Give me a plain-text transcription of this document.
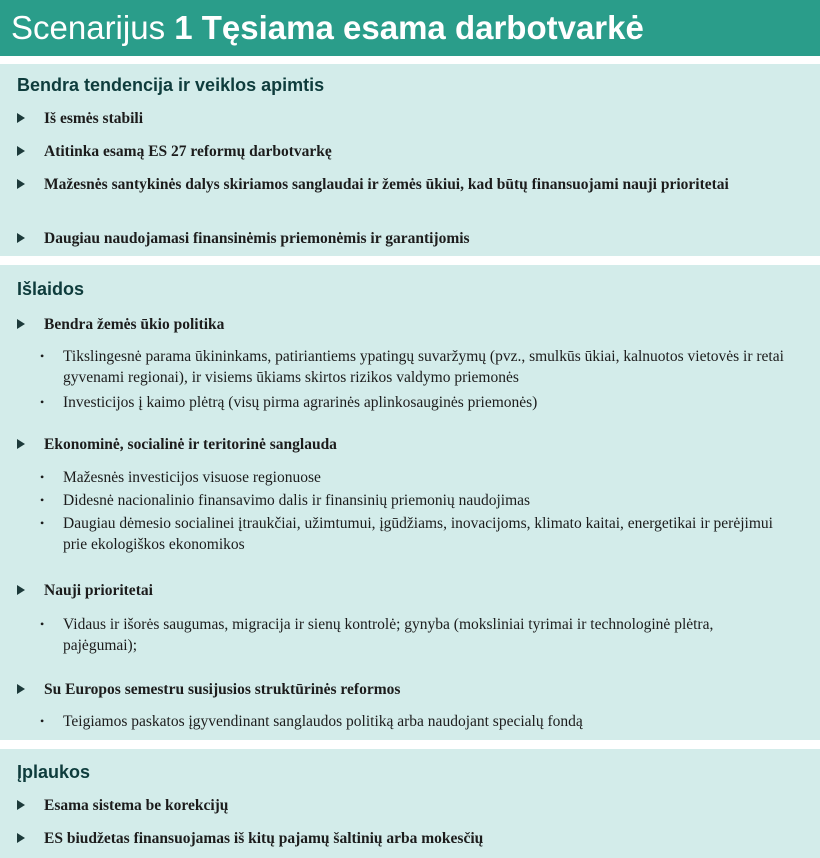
Scenarijus 1 Tęsiama esama darbotvarkė
Bendra tendencija ir veiklos apimtis
Iš esmės stabili
Atitinka esamą ES 27 reformų darbotvarkę
Mažesnės santykinės dalys skiriamos sanglaudai ir žemės ūkiui, kad būtų finansuojami nauji prioritetai
Daugiau naudojamasi finansinėmis priemonėmis ir garantijomis
Išlaidos
Bendra žemės ūkio politika
• Tikslingesnė parama ūkininkams, patiriantiems ypatingų suvaržymų (pvz., smulkūs ūkiai, kalnuotos vietovės ir retai gyvenami regionai), ir visiems ūkiams skirtos rizikos valdymo priemonės
• Investicijos į kaimo plėtrą (visų pirma agrarinės aplinkosauginės priemonės)
Ekonominė, socialinė ir teritorinė sanglauda
• Mažesnės investicijos visuose regionuose
• Didesnė nacionalinio finansavimo dalis ir finansinių priemonių naudojimas
• Daugiau dėmesio socialinei įtraukčiai, užimtumui, įgūdžiams, inovacijoms, klimato kaitai, energetikai ir perėjimui prie ekologiškos ekonomikos
Nauji prioritetai
• Vidaus ir išorės saugumas, migracija ir sienų kontrolė; gynyba (moksliniai tyrimai ir technologinė plėtra, pajėgumai);
Su Europos semestru susijusios struktūrinės reformos
• Teigiamos paskatos įgyvendinant sanglaudos politiką arba naudojant specialų fondą
Įplaukos
Esama sistema be korekcijų
ES biudžetas finansuojamas iš kitų pajamų šaltinių arba mokesčių
